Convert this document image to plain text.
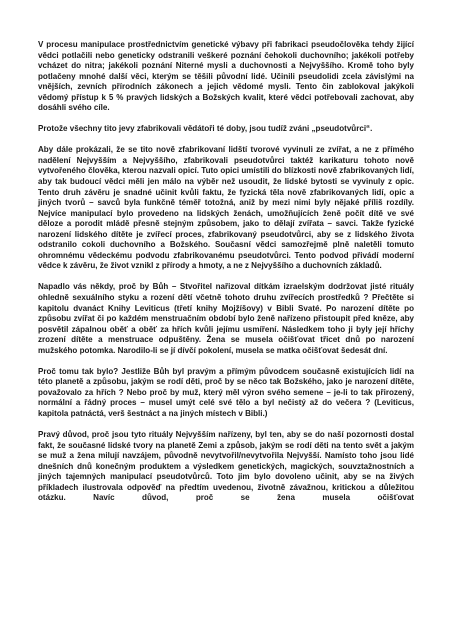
V procesu manipulace prostřednictvím genetické výbavy při fabrikaci pseudočlověka tehdy žijící vědci potlačili nebo geneticky odstranili veškeré poznání čehokoli duchovního; jakékoli potřeby vcházet do nitra; jakékoli poznání Niterné mysli a duchovnosti a Nejvyššího. Kromě toho byly potlačeny mnohé další věci, kterým se těšili původní lidé. Učinili pseudolidi zcela závislými na vnějších, zevních přírodních zákonech a jejich vědomé mysli. Tento čin zablokoval jakýkoli vědomý přístup k 5 % pravých lidských a Božských kvalit, které vědci potřebovali zachovat, aby dosáhli svého cíle.

Protože všechny tito jevy zfabrikovali vědátoři té doby, jsou tudíž zváni „pseudotvůrci“.

Aby dále prokázali, že se tito nově zfabrikovaní lidští tvorové vyvinuli ze zvířat, a ne z přímého nadělení Nejvyšším a Nejvyššího, zfabrikovali pseudotvůrci taktéž karikaturu tohoto nově vytvořeného člověka, kterou nazvali opicí. Tuto opici umístili do blízkosti nově zfabrikovaných lidí, aby tak budoucí vědci měli jen málo na výběr než usoudit, že lidské bytosti se vyvinuly z opic. Tento druh závěru je snadné učinit kvůli faktu, že fyzická těla nově zfabrikovaných lidí, opic a jiných tvorů – savců byla funkčně téměř totožná, aniž by mezi nimi byly nějaké příliš rozdíly. Nejvíce manipulací bylo provedeno na lidských ženách, umožňujících ženě počít dítě ve své děloze a porodit mládě přesně stejným způsobem, jako to dělají zvířata – savci. Takže fyzické narození lidského dítěte je zvířecí proces, zfabrikovaný pseudotvůrci, aby se z lidského života odstranilo cokoli duchovního a Božského. Současní vědci samozřejmě plně naletěli tomuto ohromnému vědeckému podvodu zfabrikovanému pseudotvůrci. Tento podvod přivádí moderní vědce k závěru, že život vznikl z přírody a hmoty, a ne z Nejvyššího a duchovních základů.

Napadlo vás někdy, proč by Bůh – Stvořitel nařizoval dítkám izraelským dodržovat jisté rituály ohledně sexuálního styku a rození dětí včetně tohoto druhu zvířecích prostředků ? Přečtěte si kapitolu dvanáct Knihy Leviticus (třetí knihy Mojžíšovy) v Bibli Svaté. Po narození dítěte po způsobu zvířat či po každém menstruačním období bylo ženě nařízeno přistoupit před kněze, aby posvětil zápalnou oběť a oběť za hřích kvůli jejímu usmíření. Následkem toho ji byly její hříchy zrození dítěte a menstruace odpuštěny. Žena se musela očišťovat třicet dnů po narození mužského potomka. Narodilo-li se jí dívčí pokolení, musela se matka očišťovat šedesát dní.

Proč tomu tak bylo? Jestliže Bůh byl pravým a přímým původcem současně existujících lidí na této planetě a způsobu, jakým se rodí děti, proč by se něco tak Božského, jako je narození dítěte, považovalo za hřích ? Nebo proč by muž, který měl výron svého semene – je-li to tak přirozený, normální a řádný proces – musel umýt celé své tělo a byl nečistý až do večera ? (Leviticus, kapitola patnáctá, verš šestnáct a na jiných místech v Bibli.)

Pravý důvod, proč jsou tyto rituály Nejvyšším nařízeny, byl ten, aby se do naší pozornosti dostal fakt, že současné lidské tvory na planetě Zemi a způsob, jakým se rodí děti na tento svět a jakým se muž a žena milují navzájem, původně nevytvořil/nevytvořila Nejvyšší. Namísto toho jsou lidé dnešních dnů konečným produktem a výsledkem genetických, magických, souvztažnostních a jiných tajemných manipulací pseudotvůrců. Toto jim bylo dovoleno učinit, aby se na živých příkladech ilustrovala odpověď na předtím uvedenou, životně závažnou, kritickou a důležitou otázku. Navíc důvod, proč se žena musela očišťovat
